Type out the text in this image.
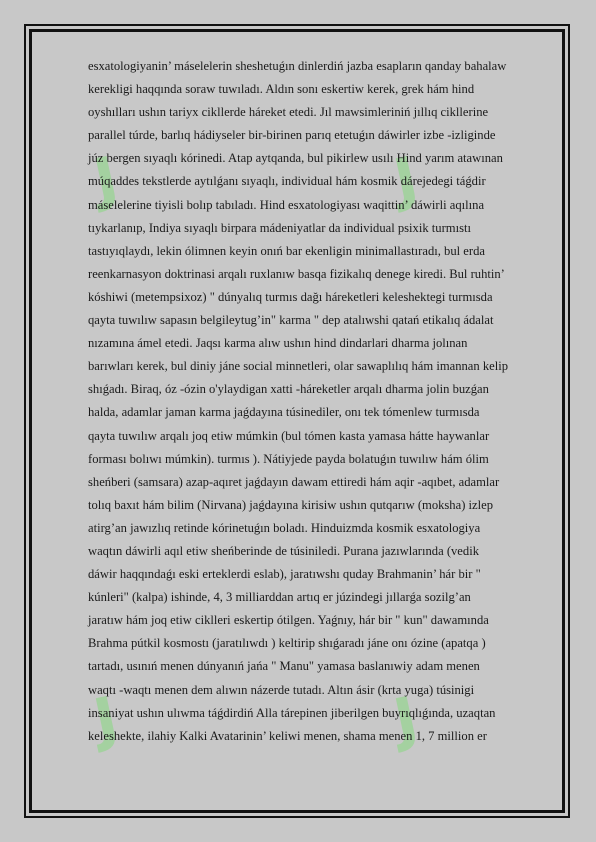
J	J
J	J
esxatologiyanin’ máselelerin sheshetuǵın dinlerdiń jazba esapların qanday bahalaw
kerekligi haqqında soraw tuwıladı. Aldın sonı eskertiw kerek, grek hám hind
oyshılları ushın tariyx cikllerde háreket etedi. Jıl mawsimleriniń jıllıq cikllerine
parallel túrde, barlıq hádiyseler bir-birinen parıq etetuǵın dáwirler izbe -izliginde
júz bergen sıyaqlı kórinedi. Atap aytqanda, bul pikirlew usılı Hind yarım atawınan
múqaddes tekstlerde aytılǵanı sıyaqlı, individual hám kosmik dárejedegi táǵdir
máselelerine tiyisli bolıp tabıladı. Hind esxatologiyası waqittin’ dáwirli aqılına
tıykarlanıp, Indiya sıyaqlı birpara mádeniyatlar da individual psixik turmıstı
tastıyıqlaydı, lekin ólimnen keyin onıń bar ekenligin minimallastıradı, bul erda
reenkarnasyon doktrinasi arqalı ruxlanıw basqa fizikalıq denege kiredi. Bul ruhtin’
kóshiwi (metempsixoz) " dúnyalıq turmıs dağı háreketleri keleshektegi turmısda
qayta tuwılıw sapasın belgileytug’in" karma " dep atalıwshi qatań etikalıq ádalat
nızamına ámel etedi. Jaqsı karma alıw ushın hind dindarlari dharma jolınan
barıwları kerek, bul diniy jáne social minnetleri, olar sawaplılıq hám imannan kelip
shıǵadı. Biraq, óz -ózin o'ylaydigan xatti -háreketler arqalı dharma jolin buzǵan
halda, adamlar jaman karma jaǵdayına túsinediler, onı tek tómenlew turmısda
qayta tuwılıw arqalı joq etiw múmkin (bul tómen kasta yamasa hátte haywanlar
forması bolıwı múmkin). turmıs ). Nátiyjede payda bolatuǵın tuwılıw hám ólim
sheńberi (samsara) azap-aqıret jaǵdayın dawam ettiredi hám aqir -aqıbet, adamlar
tolıq baxıt hám bilim (Nirvana) jaǵdayına kirisiw ushın qutqarıw (moksha) izlep
atirg’an jawızlıq retinde kórinetuǵın boladı. Hinduizmda kosmik esxatologiya
waqtın dáwirli aqıl etiw sheńberinde de túsiniledi. Purana jazıwlarında (vedik
dáwir haqqındaǵı eski erteklerdi eslab), jaratıwshı quday Brahmanin’ hár bir "
kúnleri" (kalpa) ishinde, 4, 3 milliarddan artıq er júzindegi jıllarǵa sozilg’an
jaratıw hám joq etiw cikllerі eskertip ótilgen. Yaǵnıy, hár bir " kun" dawamında
Brahma pútkil kosmostı (jaratılıwdı ) keltirip shıǵaradı jáne onı ózine (apatqa )
tartadı, usınıń menen dúnyanıń jańa " Manu" yamasa baslanıwiy adam menen
waqtı -waqtı menen dem alıwın názerde tutadı. Altın ásir (krta yuga) túsinigi
insaniyat ushın ulıwma táǵdirdiń Alla tárepinen jiberilgen buyrıqlıǵında, uzaqtan
keleshekte, ilahiy Kalki Avatarinin’ keliwi menen, shama menen 1, 7 million er
